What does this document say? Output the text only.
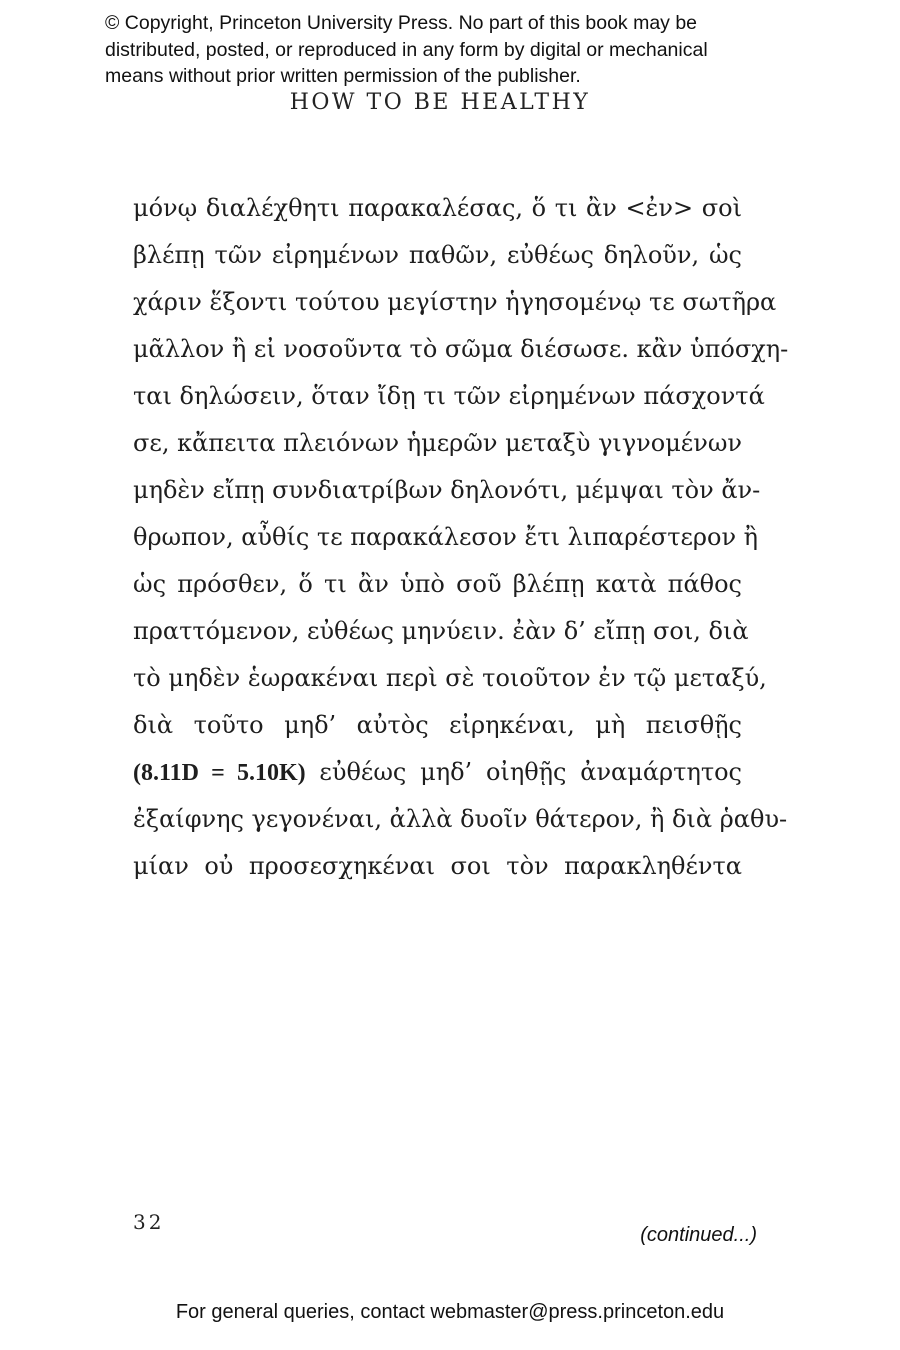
© Copyright, Princeton University Press. No part of this book may be
distributed, posted, or reproduced in any form by digital or mechanical
means without prior written permission of the publisher.
HOW TO BE HEALTHY
μόνῳ διαλέχθητι παρακαλέσας, ὅ τι ἂν <ἐν> σοὶ
βλέπῃ τῶν εἰρημένων παθῶν, εὐθέως δηλοῦν, ὡς
χάριν ἕξοντι τούτου μεγίστην ἡγησομένῳ τε σωτῆρα
μᾶλλον ἢ εἰ νοσοῦντα τὸ σῶμα διέσωσε. κἂν ὑπόσχη-
ται δηλώσειν, ὅταν ἴδῃ τι τῶν εἰρημένων πάσχοντά
σε, κἄπειτα πλειόνων ἡμερῶν μεταξὺ γιγνομένων
μηδὲν εἴπῃ συνδιατρίβων δηλονότι, μέμψαι τὸν ἄν-
θρωπον, αὖθίς τε παρακάλεσον ἔτι λιπαρέστερον ἢ
ὡς πρόσθεν, ὅ τι ἂν ὑπὸ σοῦ βλέπῃ κατὰ πάθος
πραττόμενον, εὐθέως μηνύειν. ἐὰν δ’ εἴπῃ σοι, διὰ
τὸ μηδὲν ἑωρακέναι περὶ σὲ τοιοῦτον ἐν τῷ μεταξύ,
διὰ τοῦτο μηδ’ αὐτὸς εἰρηκέναι, μὴ πεισθῇς
(8.11D = 5.10K) εὐθέως μηδ’ οἰηθῇς ἀναμάρτητος
ἐξαίφνης γεγονέναι, ἀλλὰ δυοῖν θάτερον, ἢ διὰ ῥαθυ-
μίαν οὐ προσεσχηκέναι σοι τὸν παρακληθέντα
32
(continued...)
For general queries, contact webmaster@press.princeton.edu
